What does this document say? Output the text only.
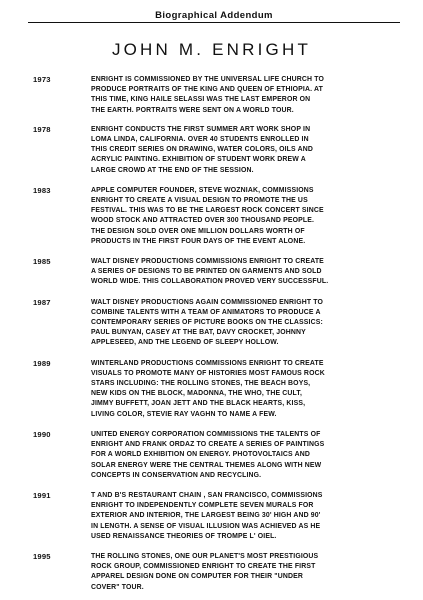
Biographical Addendum
JOHN M. ENRIGHT
1973	ENRIGHT IS COMMISSIONED BY THE UNIVERSAL LIFE CHURCH TO
PRODUCE PORTRAITS OF THE KING AND QUEEN OF ETHIOPIA. AT
THIS TIME, KING HAILE SELASSI WAS THE LAST EMPEROR ON
THE EARTH. PORTRAITS WERE SENT ON A WORLD TOUR.
1978	ENRIGHT CONDUCTS THE FIRST SUMMER ART WORK SHOP IN
LOMA LINDA, CALIFORNIA. OVER 40 STUDENTS ENROLLED IN
THIS CREDIT SERIES ON DRAWING, WATER COLORS, OILS AND
ACRYLIC PAINTING. EXHIBITION OF STUDENT WORK DREW A
LARGE CROWD AT THE END OF THE SESSION.
1983	APPLE COMPUTER FOUNDER, STEVE WOZNIAK, COMMISSIONS
ENRIGHT TO CREATE A VISUAL DESIGN TO PROMOTE THE US
FESTIVAL. THIS WAS TO BE THE LARGEST ROCK CONCERT SINCE
WOOD STOCK AND ATTRACTED OVER 300 THOUSAND PEOPLE.
THE DESIGN SOLD OVER ONE MILLION DOLLARS WORTH OF
PRODUCTS IN THE FIRST FOUR DAYS OF THE EVENT ALONE.
1985	WALT DISNEY PRODUCTIONS COMMISSIONS ENRIGHT TO CREATE
A SERIES OF DESIGNS TO BE PRINTED ON GARMENTS AND SOLD
WORLD WIDE. THIS COLLABORATION PROVED VERY SUCCESSFUL.
1987	WALT DISNEY PRODUCTIONS AGAIN COMMISSIONED ENRIGHT TO
COMBINE TALENTS WITH A TEAM OF ANIMATORS TO PRODUCE A
CONTEMPORARY SERIES OF PICTURE BOOKS ON THE CLASSICS:
PAUL BUNYAN, CASEY AT THE BAT, DAVY CROCKET, JOHNNY
APPLESEED, AND THE LEGEND OF SLEEPY HOLLOW.
1989	WINTERLAND PRODUCTIONS COMMISSIONS ENRIGHT TO CREATE
VISUALS TO PROMOTE MANY OF HISTORIES MOST FAMOUS ROCK
STARS INCLUDING: THE ROLLING STONES, THE BEACH BOYS,
NEW KIDS ON THE BLOCK, MADONNA, THE WHO, THE CULT,
JIMMY BUFFETT, JOAN JETT AND THE BLACK HEARTS, KISS,
LIVING COLOR, STEVIE RAY VAGHN TO NAME A FEW.
1990	UNITED ENERGY CORPORATION COMMISSIONS THE TALENTS OF
ENRIGHT AND FRANK ORDAZ TO CREATE A SERIES OF PAINTINGS
FOR A WORLD EXHIBITION ON ENERGY. PHOTOVOLTAICS AND
SOLAR ENERGY WERE THE CENTRAL THEMES ALONG WITH NEW
CONCEPTS IN CONSERVATION AND RECYCLING.
1991	T AND B'S RESTAURANT CHAIN , SAN FRANCISCO, COMMISSIONS
ENRIGHT TO INDEPENDENTLY COMPLETE SEVEN MURALS FOR
EXTERIOR AND INTERIOR, THE LARGEST BEING 30' HIGH AND 90'
IN LENGTH. A SENSE OF VISUAL ILLUSION WAS ACHIEVED AS HE
USED RENAISSANCE THEORIES OF TROMPE L' OIEL.
1995	THE ROLLING STONES, ONE OUR PLANET'S MOST PRESTIGIOUS
ROCK GROUP, COMMISSIONED ENRIGHT TO CREATE THE FIRST
APPAREL DESIGN DONE ON COMPUTER FOR THEIR "UNDER
COVER" TOUR.
